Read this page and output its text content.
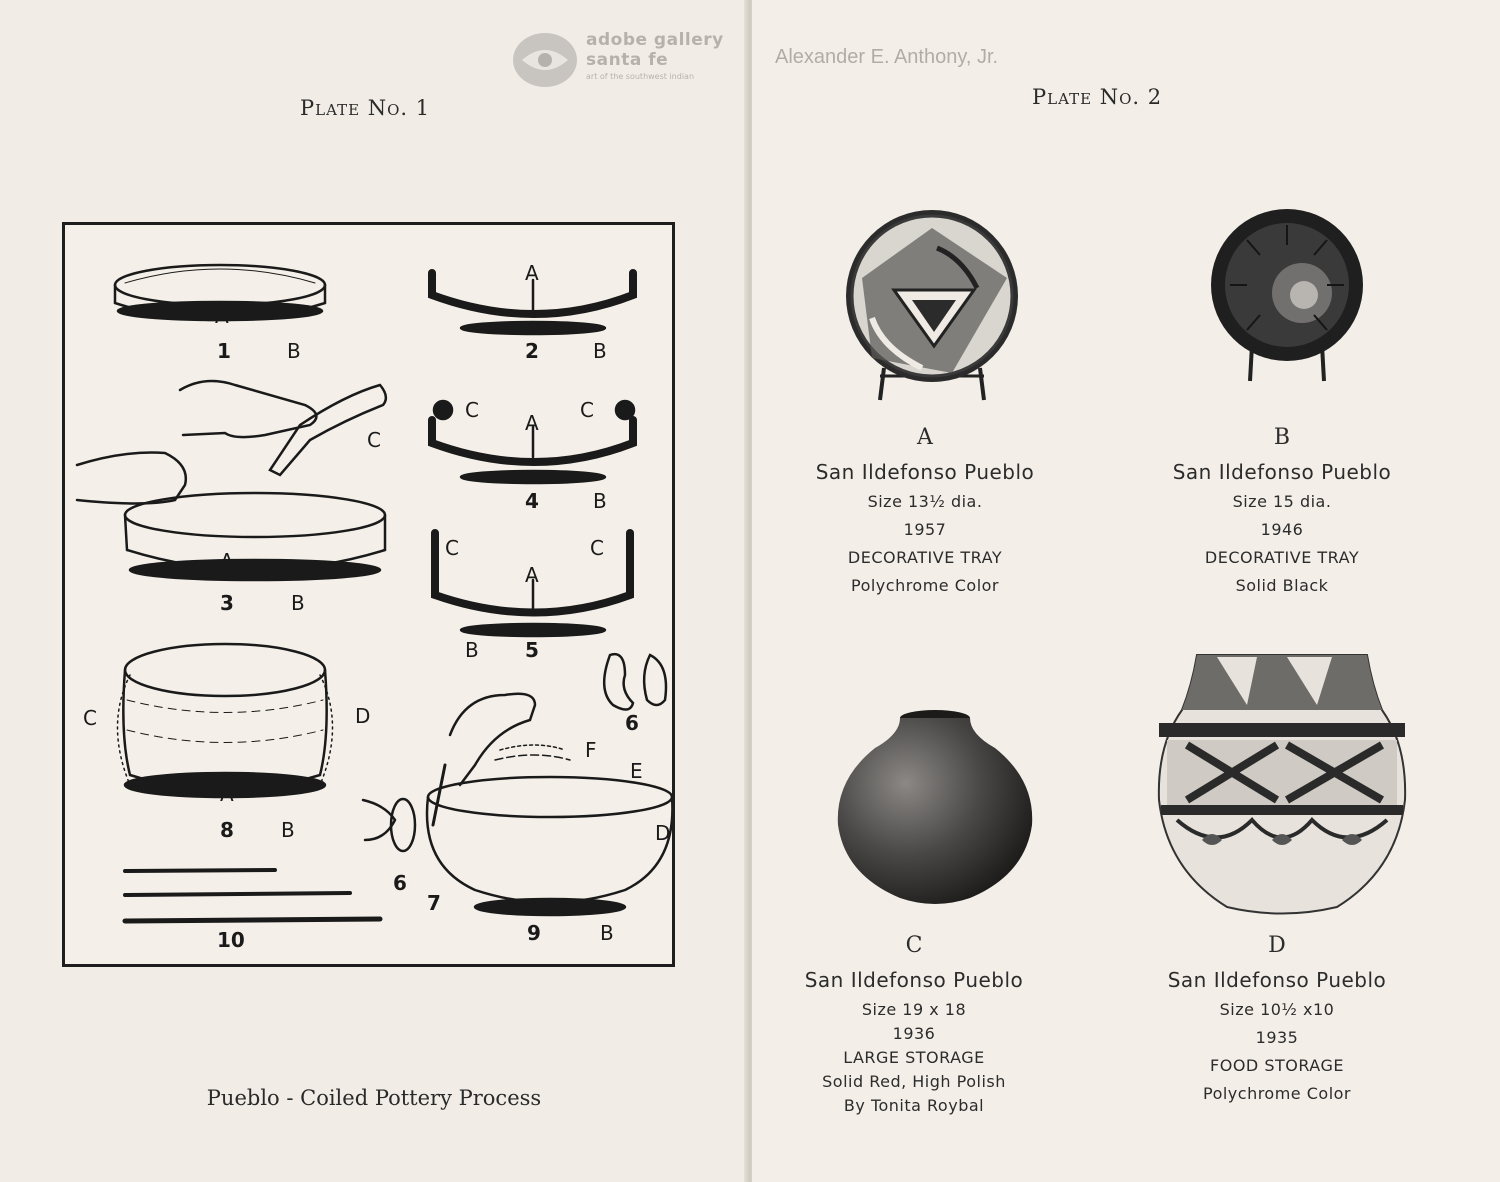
Plate No. 1
A
1	B
A
2	B
A
3	B
C
A
C	C
4	B
A
C	C
B 5
C	D
A
8 B
6
F
E
D
6
7
9	B
10
Pueblo - Coiled Pottery Process
adobe gallery
santa fe
art of the southwest indian
Plate No. 2
A
San Ildefonso Pueblo
Size 13½ dia.
1957
DECORATIVE TRAY
Polychrome Color
B
San Ildefonso Pueblo
Size 15 dia.
1946
DECORATIVE TRAY
Solid Black
C
San Ildefonso Pueblo
Size 19 x 18
1936
LARGE STORAGE
Solid Red, High Polish
By Tonita Roybal
D
San Ildefonso Pueblo
Size 10½ x10
1935
FOOD STORAGE
Polychrome Color
Alexander E. Anthony, Jr.
